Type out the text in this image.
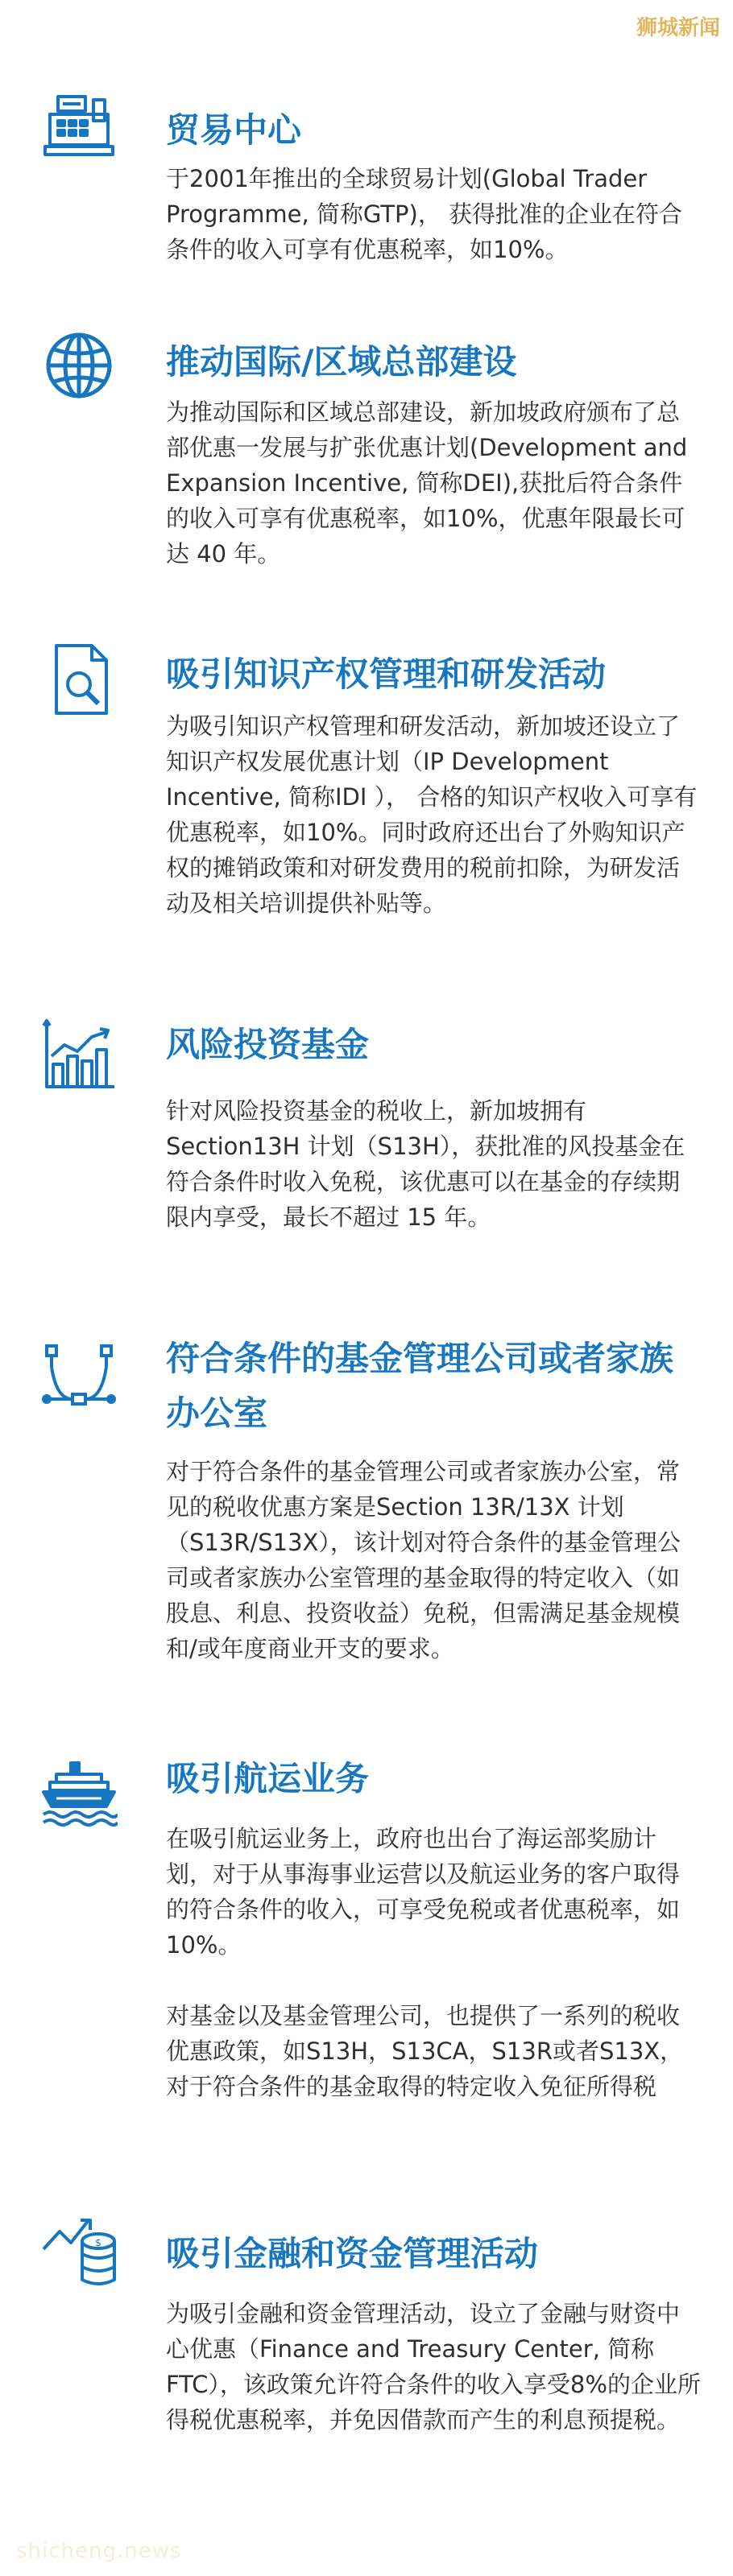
狮城新闻
贸易中心

于2001年推出的全球贸易计划(Global Trader Programme, 简称GTP)， 获得批准的企业在符合条件的收入可享有优惠税率，如10%。

推动国际/区域总部建设

为推动国际和区域总部建设，新加坡政府颁布了总部优惠一发展与扩张优惠计划(Development and Expansion Incentive, 简称DEI),获批后符合条件的收入可享有优惠税率，如10%，优惠年限最长可达 40 年。

吸引知识产权管理和研发活动

为吸引知识产权管理和研发活动，新加坡还设立了知识产权发展优惠计划（IP Development Incentive, 简称IDI ）， 合格的知识产权收入可享有优惠税率，如10%。同时政府还出台了外购知识产权的摊销政策和对研发费用的税前扣除，为研发活动及相关培训提供补贴等。

风险投资基金

针对风险投资基金的税收上，新加坡拥有Section13H 计划（S13H），获批准的风投基金在符合条件时收入免税，该优惠可以在基金的存续期限内享受，最长不超过 15 年。

符合条件的基金管理公司或者家族办公室

对于符合条件的基金管理公司或者家族办公室，常见的税收优惠方案是Section 13R/13X 计划（S13R/S13X），该计划对符合条件的基金管理公司或者家族办公室管理的基金取得的特定收入（如股息、利息、投资收益）免税，但需满足基金规模和/或年度商业开支的要求。

吸引航运业务

在吸引航运业务上，政府也出台了海运部奖励计划，对于从事海事业运营以及航运业务的客户取得的符合条件的收入，可享受免税或者优惠税率，如10%。

对基金以及基金管理公司，也提供了一系列的税收优惠政策，如S13H，S13CA，S13R或者S13X，对于符合条件的基金取得的特定收入免征所得税

$ 吸引金融和资金管理活动

为吸引金融和资金管理活动，设立了金融与财资中心优惠（Finance and Treasury Center, 简称FTC），该政策允许符合条件的收入享受8%的企业所得税优惠税率，并免因借款而产生的利息预提税。

shicheng.news
